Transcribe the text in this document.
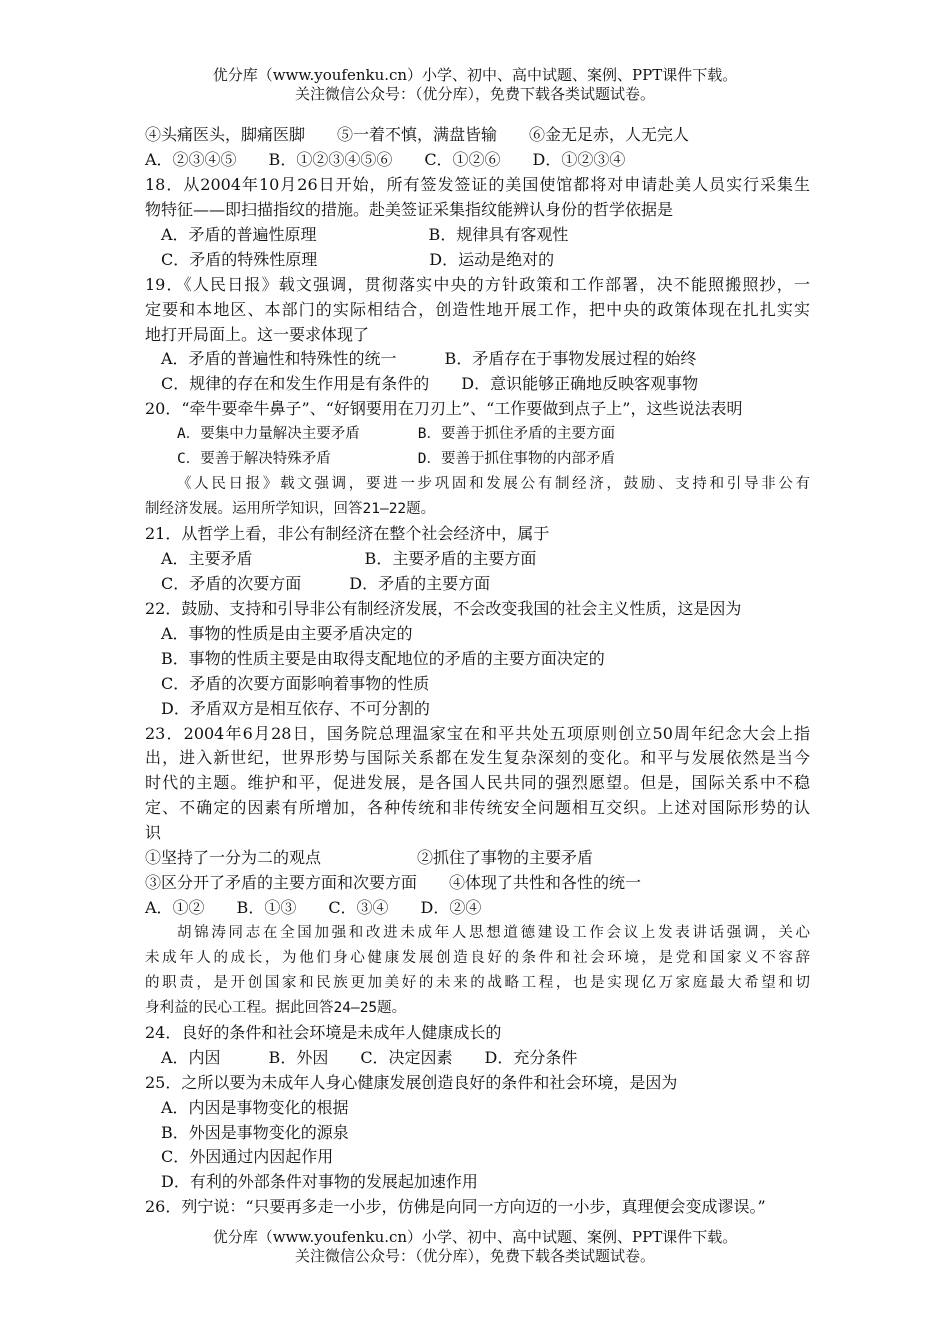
优分库（www.youfenku.cn）小学、初中、高中试题、案例、PPT课件下载。
关注微信公众号：（优分库），免费下载各类试题试卷。
④头痛医头，脚痛医脚　　⑤一着不慎，满盘皆输　　⑥金无足赤，人无完人
A．②③④⑤　　B．①②③④⑤⑥　　C．①②⑥　　D．①②③④
18．从2004年10月26日开始，所有签发签证的美国使馆都将对申请赴美人员实行采集生
物特征——即扫描指纹的措施。赴美签证采集指纹能辨认身份的哲学依据是
A．矛盾的普遍性原理　　　　　　　B．规律具有客观性
C．矛盾的特殊性原理　　　　　　　D．运动是绝对的
19．《人民日报》载文强调，贯彻落实中央的方针政策和工作部署，决不能照搬照抄，一
定要和本地区、本部门的实际相结合，创造性地开展工作，把中央的政策体现在扎扎实实
地打开局面上。这一要求体现了
A．矛盾的普遍性和特殊性的统一　　　B．矛盾存在于事物发展过程的始终
C．规律的存在和发生作用是有条件的　　D．意识能够正确地反映客观事物
20．“牵牛要牵牛鼻子”、“好钢要用在刀刃上”、“工作要做到点子上”，这些说法表明
A．要集中力量解决主要矛盾　　　　B．要善于抓住矛盾的主要方面
C．要善于解决特殊矛盾　　　　　　D．要善于抓住事物的内部矛盾
《人民日报》载文强调，要进一步巩固和发展公有制经济，鼓励、支持和引导非公有
制经济发展。运用所学知识，回答21—22题。
21．从哲学上看，非公有制经济在整个社会经济中，属于
A．主要矛盾　　　　　　　B．主要矛盾的主要方面
C．矛盾的次要方面　　　D．矛盾的主要方面
22．鼓励、支持和引导非公有制经济发展，不会改变我国的社会主义性质，这是因为
A．事物的性质是由主要矛盾决定的
B．事物的性质主要是由取得支配地位的矛盾的主要方面决定的
C．矛盾的次要方面影响着事物的性质
D．矛盾双方是相互依存、不可分割的
23．2004年6月28日，国务院总理温家宝在和平共处五项原则创立50周年纪念大会上指
出，进入新世纪，世界形势与国际关系都在发生复杂深刻的变化。和平与发展依然是当今
时代的主题。维护和平，促进发展，是各国人民共同的强烈愿望。但是，国际关系中不稳
定、不确定的因素有所增加，各种传统和非传统安全问题相互交织。上述对国际形势的认
识
①坚持了一分为二的观点　　　　　　②抓住了事物的主要矛盾
③区分开了矛盾的主要方面和次要方面　　④体现了共性和各性的统一
A．①②　　B．①③　　C．③④　　D．②④
胡锦涛同志在全国加强和改进未成年人思想道德建设工作会议上发表讲话强调，关心
未成年人的成长，为他们身心健康发展创造良好的条件和社会环境，是党和国家义不容辞
的职责，是开创国家和民族更加美好的未来的战略工程，也是实现亿万家庭最大希望和切
身利益的民心工程。据此回答24—25题。
24．良好的条件和社会环境是未成年人健康成长的
A．内因　　　B．外因　　C．决定因素　　D．充分条件
25．之所以要为未成年人身心健康发展创造良好的条件和社会环境，是因为
A．内因是事物变化的根据
B．外因是事物变化的源泉
C．外因通过内因起作用
D．有利的外部条件对事物的发展起加速作用
26．列宁说：“只要再多走一小步，仿佛是向同一方向迈的一小步，真理便会变成谬误。”
优分库（www.youfenku.cn）小学、初中、高中试题、案例、PPT课件下载。
关注微信公众号：（优分库），免费下载各类试题试卷。
